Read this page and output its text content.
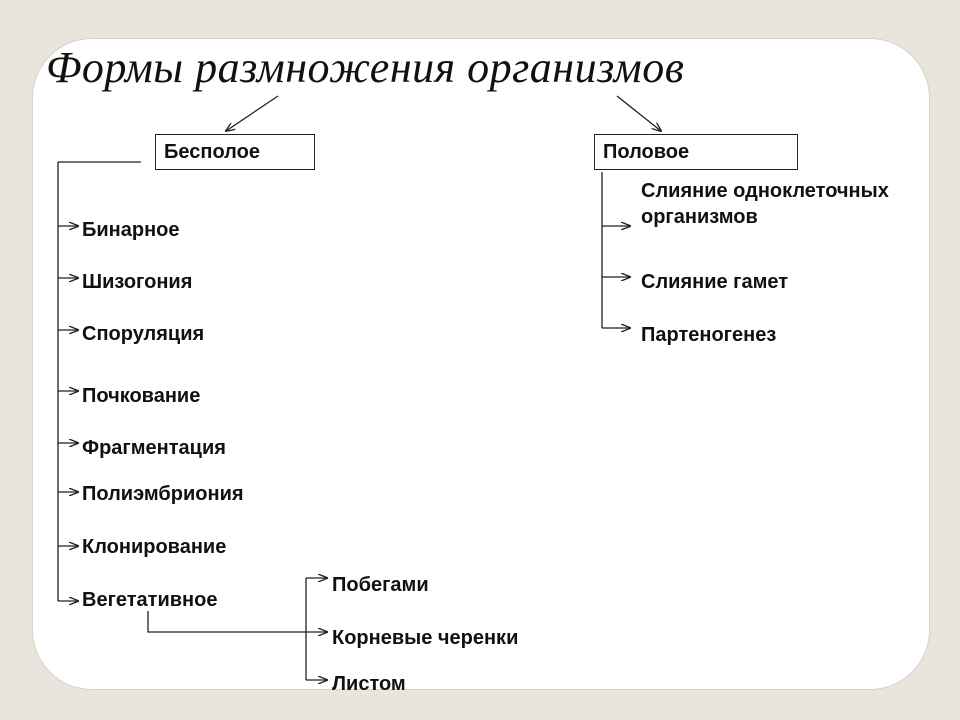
Формы размножения организмов
Бесполое	Половое
Бинарное
Шизогония
Споруляция
Почкование
Фрагментация
Полиэмбриония
Клонирование
Вегетативное
Побегами
Корневые черенки
Листом
Слияние одноклеточных организмов
Слияние гамет
Партеногенез
